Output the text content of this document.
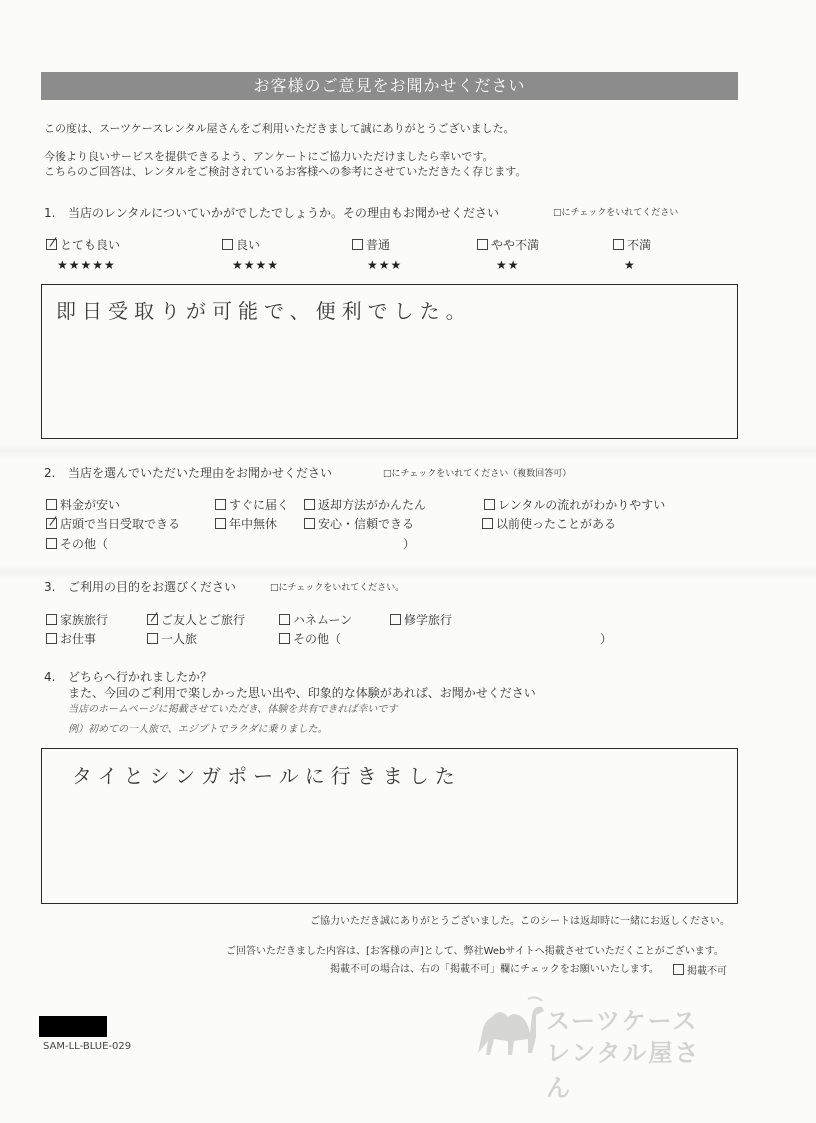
お客様のご意見をお聞かせください
この度は、スーツケースレンタル屋さんをご利用いただきまして誠にありがとうございました。
今後より良いサービスを提供できるよう、アンケートにご協力いただけましたら幸いです。
こちらのご回答は、レンタルをご検討されているお客様への参考にさせていただきたく存じます。
1. 当店のレンタルについていかがでしたでしょうか。その理由もお聞かせください	□にチェックをいれてください
とても良い	良い	普通	やや不満	不満
★★★★★	★★★★	★★★	★★	★
即日受取りが可能で、便利でした。
2. 当店を選んでいただいた理由をお聞かせください	□にチェックをいれてください（複数回答可）
料金が安い	すぐに届く	返却方法がかんたん	レンタルの流れがわかりやすい
店頭で当日受取できる	年中無休	安心・信頼できる	以前使ったことがある
その他（	）
3. ご利用の目的をお選びください	□にチェックをいれてください。
家族旅行	ご友人とご旅行	ハネムーン	修学旅行
お仕事	一人旅	その他（	）
4. どちらへ行かれましたか？
また、今回のご利用で楽しかった思い出や、印象的な体験があれば、お聞かせください
当店のホームページに掲載させていただき、体験を共有できれば幸いです
例）初めての一人旅で、エジプトでラクダに乗りました。
タイとシンガポールに行きました
ご協力いただき誠にありがとうございました。このシートは返却時に一緒にお返しください。
ご回答いただきました内容は、[お客様の声]として、弊社Webサイトへ掲載させていただくことがございます。
掲載不可の場合は、右の「掲載不可」欄にチェックをお願いいたします。	掲載不可
SAM-LL-BLUE-029
スーツケース
レンタル屋さん
